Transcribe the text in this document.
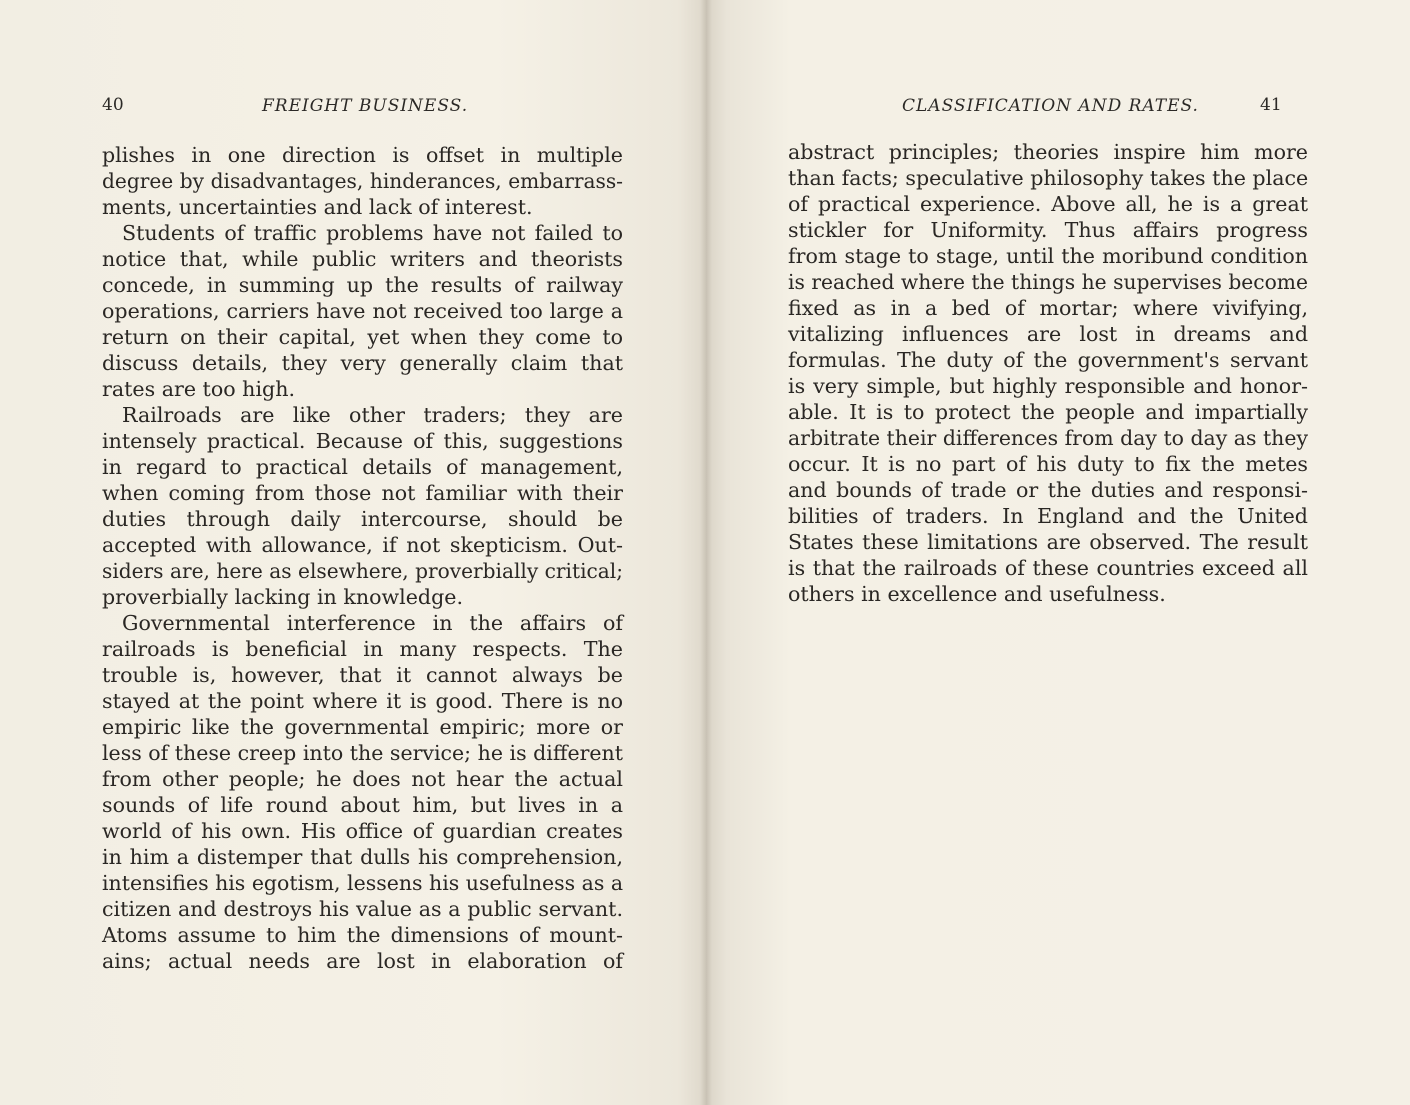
40	FREIGHT BUSINESS.
plishes in one direction is offset in multiple
degree by disadvantages, hinderances, embarrass-
ments, uncertainties and lack of interest.
Students of traffic problems have not failed to
notice that, while public writers and theorists
concede, in summing up the results of railway
operations, carriers have not received too large a
return on their capital, yet when they come to
discuss details, they very generally claim that
rates are too high.
Railroads are like other traders; they are
intensely practical. Because of this, suggestions
in regard to practical details of management,
when coming from those not familiar with their
duties through daily intercourse, should be
accepted with allowance, if not skepticism. Out-
siders are, here as elsewhere, proverbially critical;
proverbially lacking in knowledge.
Governmental interference in the affairs of
railroads is beneficial in many respects. The
trouble is, however, that it cannot always be
stayed at the point where it is good. There is no
empiric like the governmental empiric; more or
less of these creep into the service; he is different
from other people; he does not hear the actual
sounds of life round about him, but lives in a
world of his own. His office of guardian creates
in him a distemper that dulls his comprehension,
intensifies his egotism, lessens his usefulness as a
citizen and destroys his value as a public servant.
Atoms assume to him the dimensions of mount-
ains; actual needs are lost in elaboration of
CLASSIFICATION AND RATES.	41
abstract principles; theories inspire him more
than facts; speculative philosophy takes the place
of practical experience. Above all, he is a great
stickler for Uniformity. Thus affairs progress
from stage to stage, until the moribund condition
is reached where the things he supervises become
fixed as in a bed of mortar; where vivifying,
vitalizing influences are lost in dreams and
formulas. The duty of the government's servant
is very simple, but highly responsible and honor-
able. It is to protect the people and impartially
arbitrate their differences from day to day as they
occur. It is no part of his duty to fix the metes
and bounds of trade or the duties and responsi-
bilities of traders. In England and the United
States these limitations are observed. The result
is that the railroads of these countries exceed all
others in excellence and usefulness.
